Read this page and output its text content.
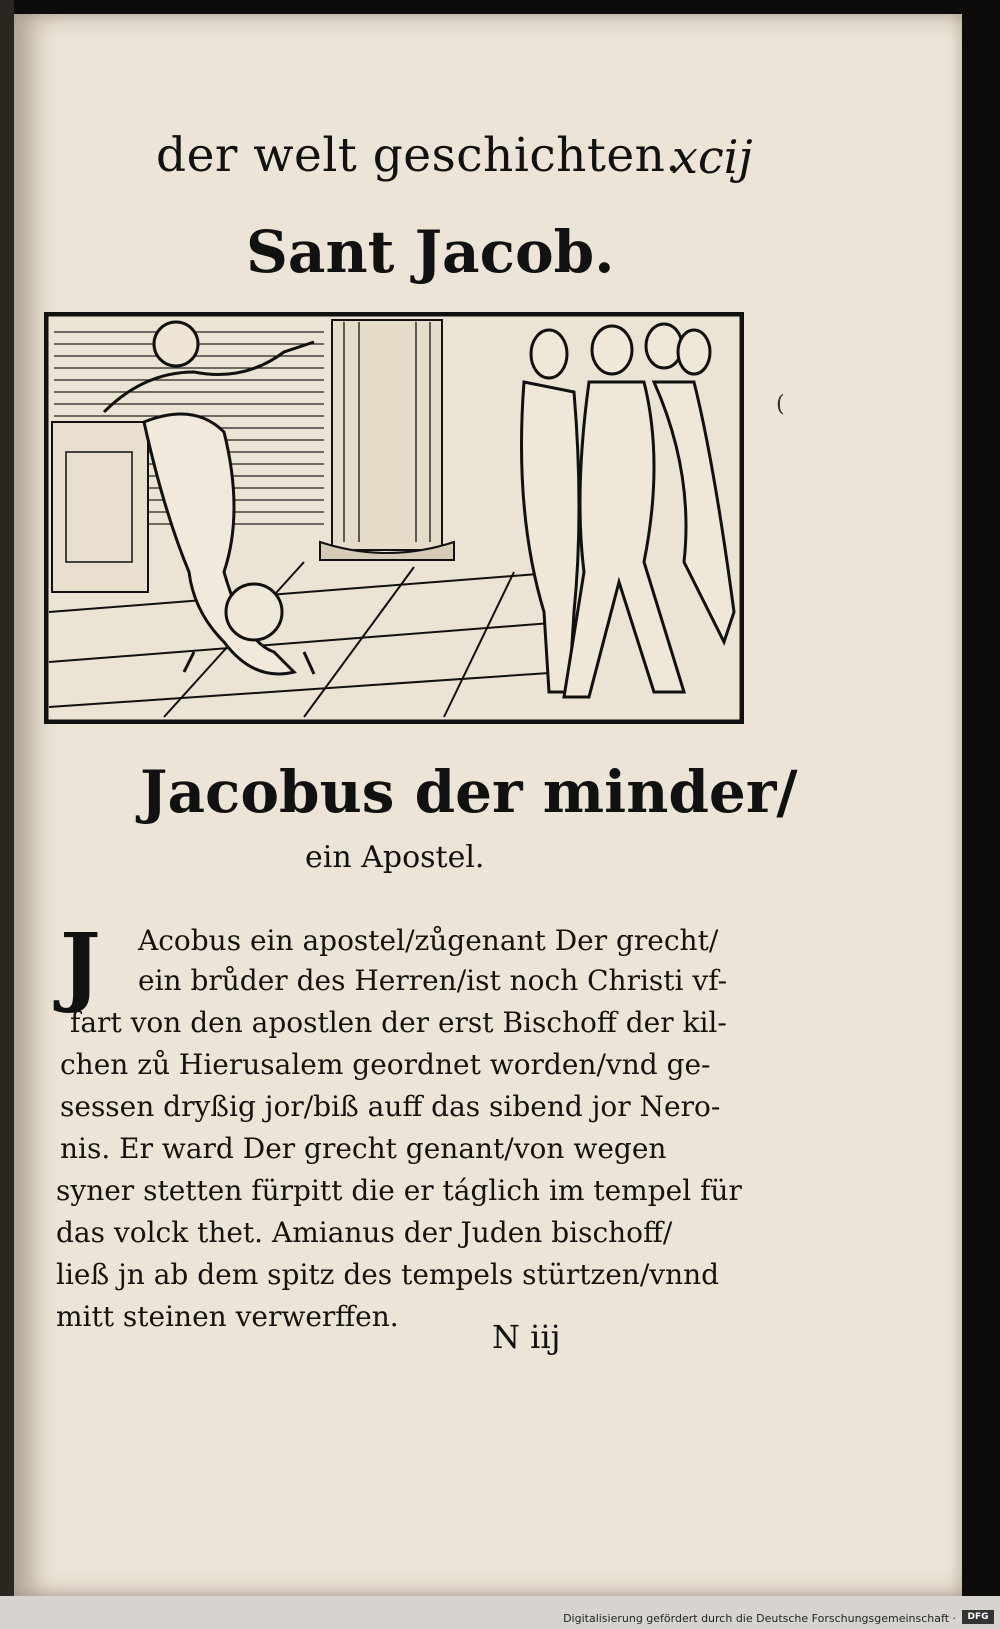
der welt geschichten.
xcij
Sant Jacob.
(
Jacobus der minder/
ein Apostel.
J	Acobus ein apostel/zůgenant Der grecht/
ein brůder des Herren/ist noch Christi vf-
fart von den apostlen der erst Bischoff der kil-
chen zů Hierusalem geordnet worden/vnd ge-
sessen dryßig jor/biß auff das sibend jor Nero-
nis. Er ward Der grecht genant/von wegen
syner stetten fürpitt die er táglich im tempel für
das volck thet. Amianus der Juden bischoff/
ließ jn ab dem spitz des tempels stürtzen/vnnd
mitt steinen verwerffen.
N iij
Digitalisierung gefördert durch die Deutsche Forschungsgemeinschaft ·	DFG
